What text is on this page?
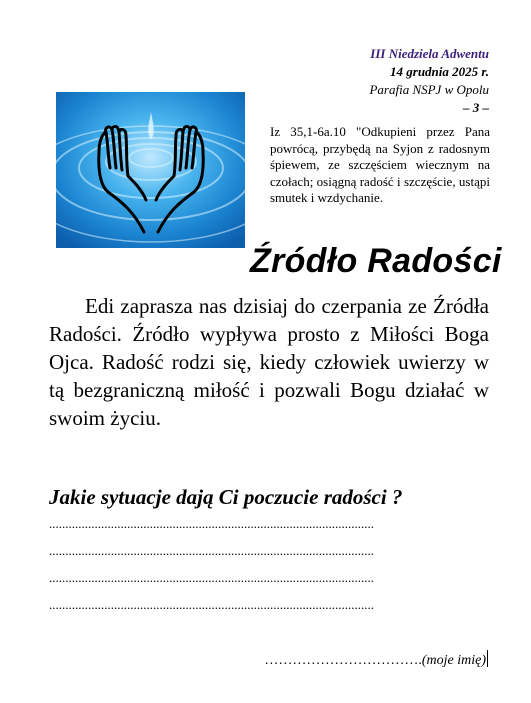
III Niedziela Adwentu
14 grudnia 2025 r.
Parafia NSPJ w Opolu
– 3 –
Iz 35,1-6a.10 "Odkupieni przez Pana powrócą, przybędą na Syjon z radosnym śpiewem, ze szczęściem wiecznym na czołach; osiągną radość i szczęście, ustąpi smutek i wzdychanie.
Źródło Radości
Edi zaprasza nas dzisiaj do czerpania ze Źródła Radości. Źródło wypływa prosto z Miłości Boga Ojca. Radość rodzi się, kiedy człowiek uwierzy w tą bezgraniczną miłość i pozwali Bogu działać w swoim życiu.
Jakie sytuacje dają Ci poczucie radości ?
....................................................................................................
....................................................................................................
....................................................................................................
....................................................................................................
…………………………….(moje imię)
